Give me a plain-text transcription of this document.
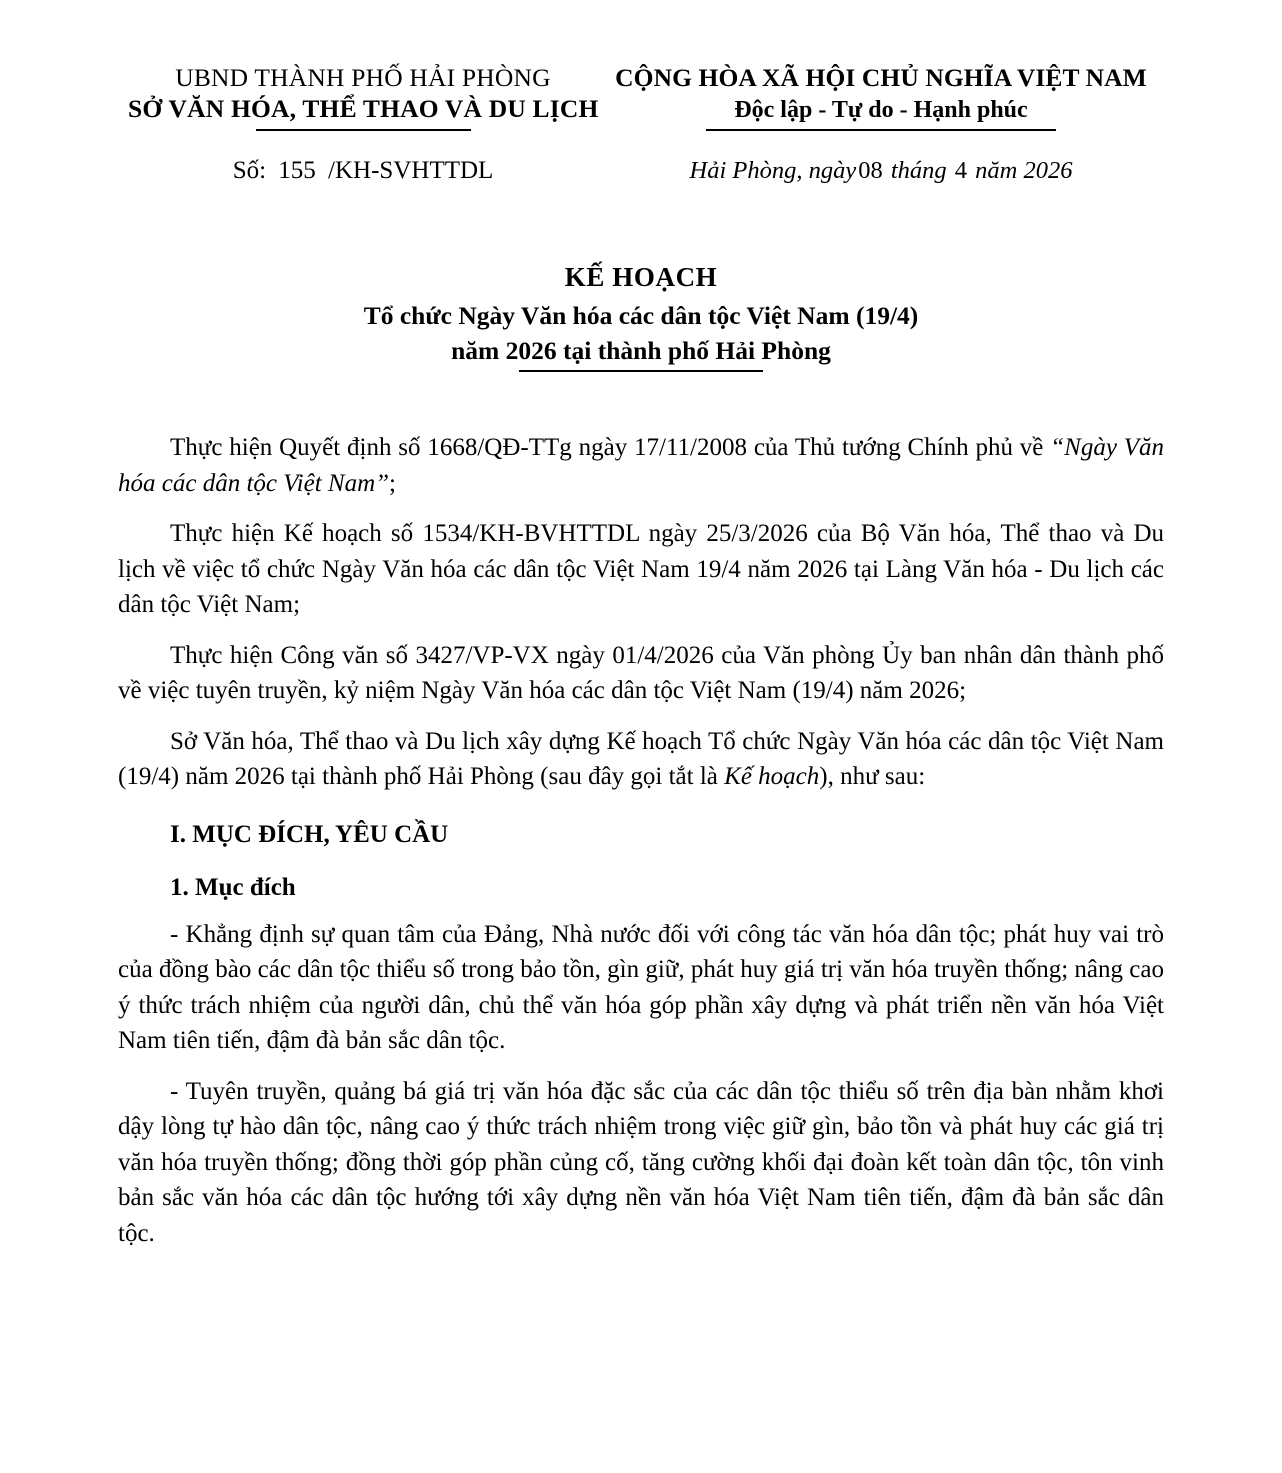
UBND THÀNH PHỐ HẢI PHÒNG
SỞ VĂN HÓA, THỂ THAO VÀ DU LỊCH
CỘNG HÒA XÃ HỘI CHỦ NGHĨA VIỆT NAM
Độc lập - Tự do - Hạnh phúc
Số: 155 /KH-SVHTTDL	Hải Phòng, ngày08 tháng 4 năm 2026
KẾ HOẠCH
Tổ chức Ngày Văn hóa các dân tộc Việt Nam (19/4)
năm 2026 tại thành phố Hải Phòng

Thực hiện Quyết định số 1668/QĐ-TTg ngày 17/11/2008 của Thủ tướng Chính phủ về “Ngày Văn hóa các dân tộc Việt Nam”;

Thực hiện Kế hoạch số 1534/KH-BVHTTDL ngày 25/3/2026 của Bộ Văn hóa, Thể thao và Du lịch về việc tổ chức Ngày Văn hóa các dân tộc Việt Nam 19/4 năm 2026 tại Làng Văn hóa - Du lịch các dân tộc Việt Nam;

Thực hiện Công văn số 3427/VP-VX ngày 01/4/2026 của Văn phòng Ủy ban nhân dân thành phố về việc tuyên truyền, kỷ niệm Ngày Văn hóa các dân tộc Việt Nam (19/4) năm 2026;

Sở Văn hóa, Thể thao và Du lịch xây dựng Kế hoạch Tổ chức Ngày Văn hóa các dân tộc Việt Nam (19/4) năm 2026 tại thành phố Hải Phòng (sau đây gọi tắt là Kế hoạch), như sau:

I. MỤC ĐÍCH, YÊU CẦU
1. Mục đích

- Khẳng định sự quan tâm của Đảng, Nhà nước đối với công tác văn hóa dân tộc; phát huy vai trò của đồng bào các dân tộc thiểu số trong bảo tồn, gìn giữ, phát huy giá trị văn hóa truyền thống; nâng cao ý thức trách nhiệm của người dân, chủ thể văn hóa góp phần xây dựng và phát triển nền văn hóa Việt Nam tiên tiến, đậm đà bản sắc dân tộc.

- Tuyên truyền, quảng bá giá trị văn hóa đặc sắc của các dân tộc thiểu số trên địa bàn nhằm khơi dậy lòng tự hào dân tộc, nâng cao ý thức trách nhiệm trong việc giữ gìn, bảo tồn và phát huy các giá trị văn hóa truyền thống; đồng thời góp phần củng cố, tăng cường khối đại đoàn kết toàn dân tộc, tôn vinh bản sắc văn hóa các dân tộc hướng tới xây dựng nền văn hóa Việt Nam tiên tiến, đậm đà bản sắc dân tộc.
